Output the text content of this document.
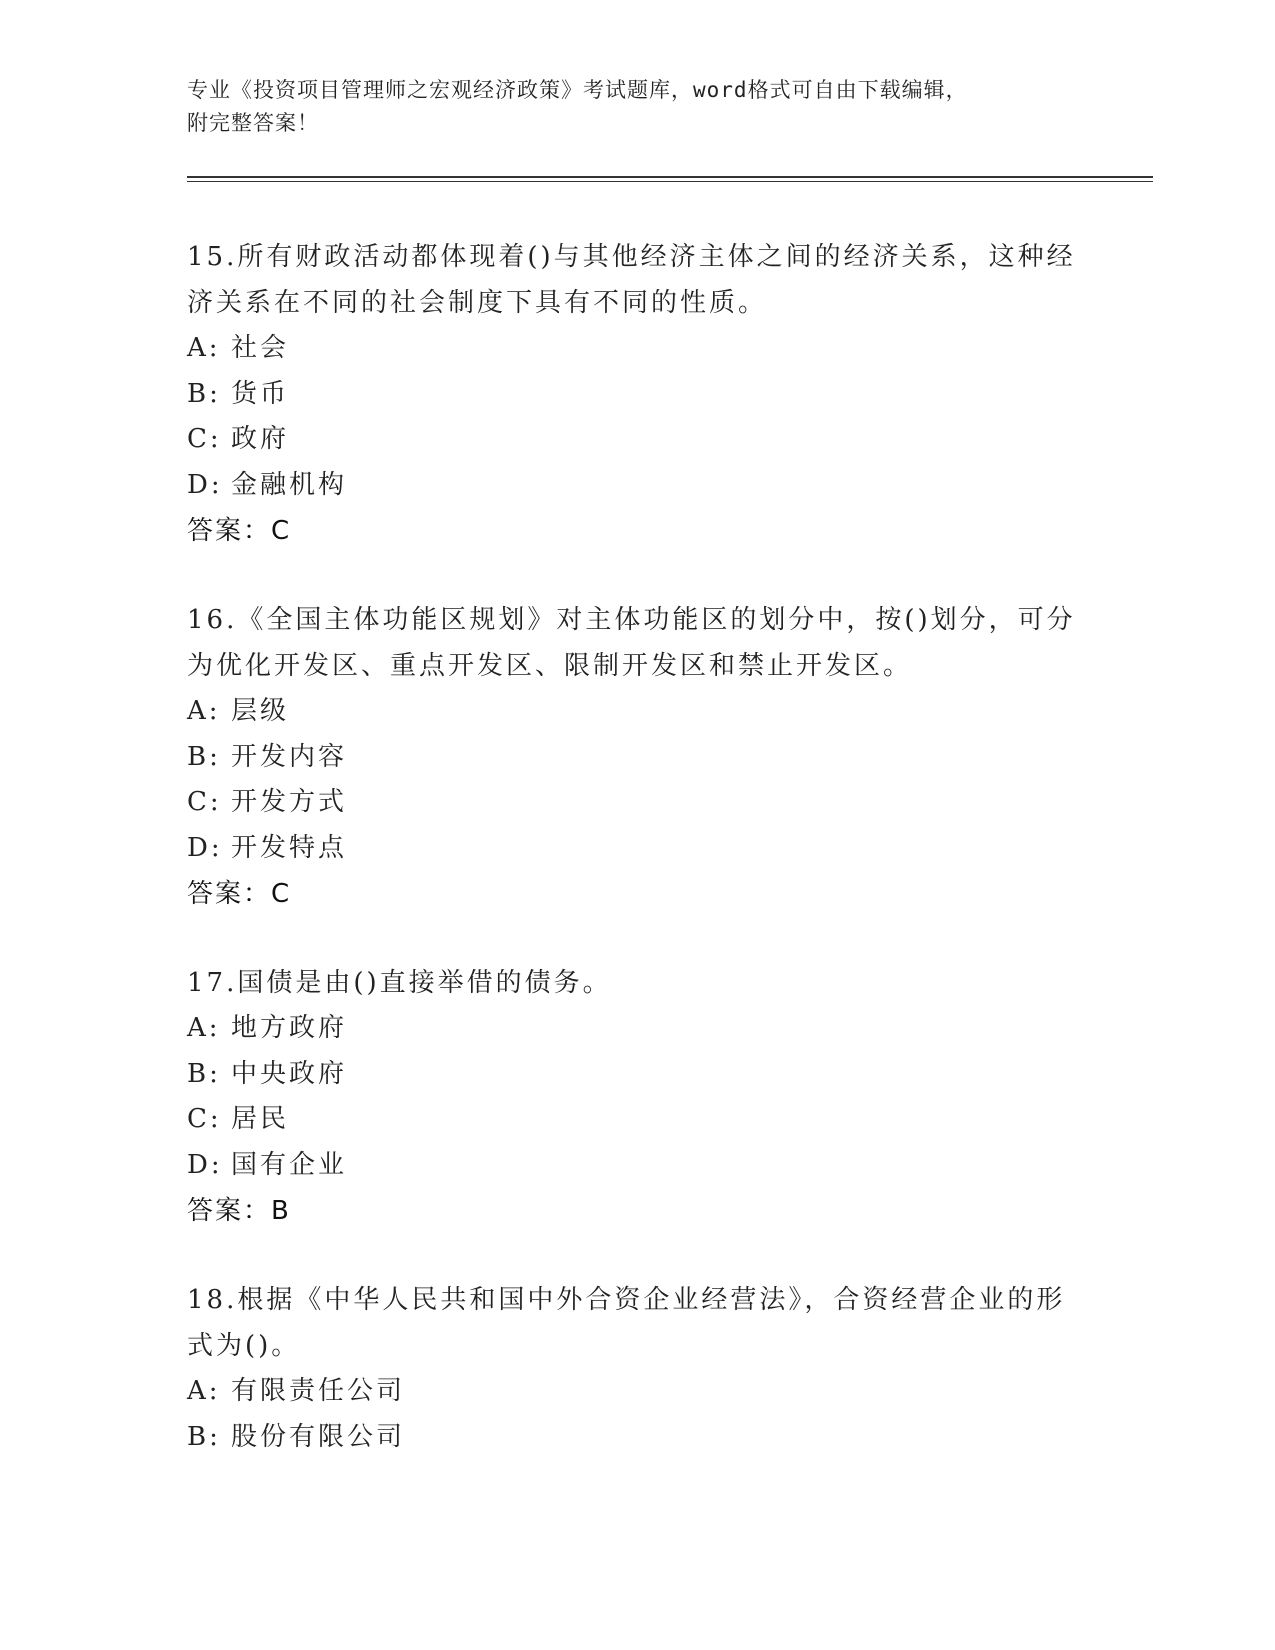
专业《投资项目管理师之宏观经济政策》考试题库，word格式可自由下载编辑，
附完整答案！

15.所有财政活动都体现着()与其他经济主体之间的经济关系，这种经
济关系在不同的社会制度下具有不同的性质。

A: 社会
B: 货币
C: 政府
D: 金融机构

答案：C

16.《全国主体功能区规划》对主体功能区的划分中，按()划分，可分
为优化开发区、重点开发区、限制开发区和禁止开发区。

A: 层级
B: 开发内容
C: 开发方式
D: 开发特点

答案：C

17.国债是由()直接举借的债务。

A: 地方政府
B: 中央政府
C: 居民
D: 国有企业

答案：B

18.根据《中华人民共和国中外合资企业经营法》，合资经营企业的形
式为()。

A: 有限责任公司
B: 股份有限公司
